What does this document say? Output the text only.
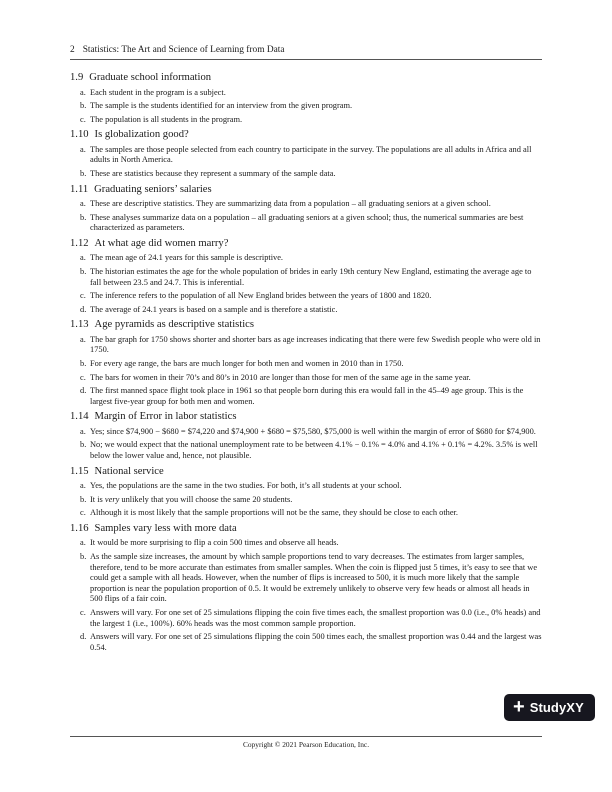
2 Statistics: The Art and Science of Learning from Data
1.9 Graduate school information
a. Each student in the program is a subject.
b. The sample is the students identified for an interview from the given program.
c. The population is all students in the program.
1.10 Is globalization good?
a. The samples are those people selected from each country to participate in the survey. The populations are all adults in Africa and all adults in North America.
b. These are statistics because they represent a summary of the sample data.
1.11 Graduating seniors’ salaries
a. These are descriptive statistics. They are summarizing data from a population – all graduating seniors at a given school.
b. These analyses summarize data on a population – all graduating seniors at a given school; thus, the numerical summaries are best characterized as parameters.
1.12 At what age did women marry?
a. The mean age of 24.1 years for this sample is descriptive.
b. The historian estimates the age for the whole population of brides in early 19th century New England, estimating the average age to fall between 23.5 and 24.7. This is inferential.
c. The inference refers to the population of all New England brides between the years of 1800 and 1820.
d. The average of 24.1 years is based on a sample and is therefore a statistic.
1.13 Age pyramids as descriptive statistics
a. The bar graph for 1750 shows shorter and shorter bars as age increases indicating that there were few Swedish people who were old in 1750.
b. For every age range, the bars are much longer for both men and women in 2010 than in 1750.
c. The bars for women in their 70’s and 80’s in 2010 are longer than those for men of the same age in the same year.
d. The first manned space flight took place in 1961 so that people born during this era would fall in the 45–49 age group. This is the largest five-year group for both men and women.
1.14 Margin of Error in labor statistics
a. Yes; since $74,900 − $680 = $74,220 and $74,900 + $680 = $75,580, $75,000 is well within the margin of error of $680 for $74,900.
b. No; we would expect that the national unemployment rate to be between 4.1% − 0.1% = 4.0% and 4.1% + 0.1% = 4.2%. 3.5% is well below the lower value and, hence, not plausible.
1.15 National service
a. Yes, the populations are the same in the two studies. For both, it’s all students at your school.
b. It is very unlikely that you will choose the same 20 students.
c. Although it is most likely that the sample proportions will not be the same, they should be close to each other.
1.16 Samples vary less with more data
a. It would be more surprising to flip a coin 500 times and observe all heads.
b. As the sample size increases, the amount by which sample proportions tend to vary decreases. The estimates from larger samples, therefore, tend to be more accurate than estimates from smaller samples. When the coin is flipped just 5 times, it’s easy to see that we could get a sample with all heads. However, when the number of flips is increased to 500, it is much more likely that the sample proportion is near the population proportion of 0.5. It would be extremely unlikely to observe very few heads or almost all heads in 500 flips of a fair coin.
c. Answers will vary. For one set of 25 simulations flipping the coin five times each, the smallest proportion was 0.0 (i.e., 0% heads) and the largest 1 (i.e., 100%). 60% heads was the most common sample proportion.
d. Answers will vary. For one set of 25 simulations flipping the coin 500 times each, the smallest proportion was 0.44 and the largest was 0.54.
Copyright © 2021 Pearson Education, Inc.
+ StudyXY
